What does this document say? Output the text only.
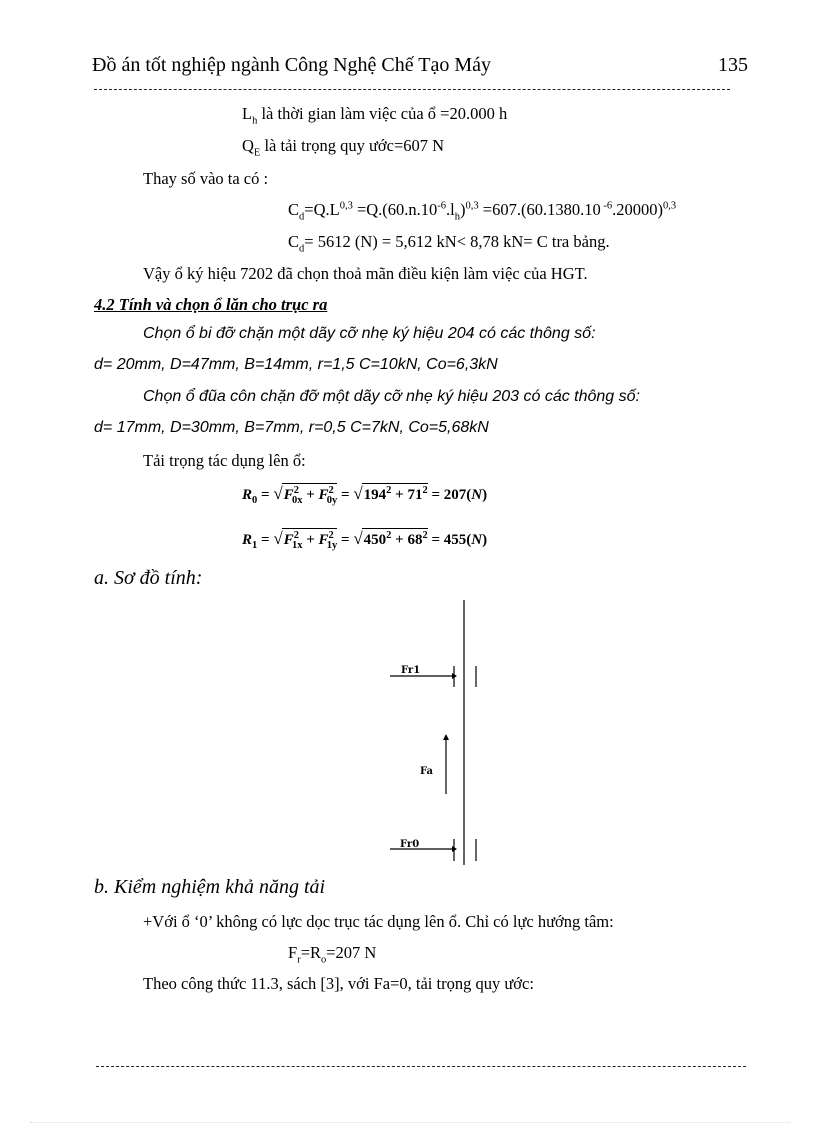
Đồ án tốt nghiệp ngành Công Nghệ Chế Tạo Máy	135
$L_h$ là thời gian làm việc của ổ =20.000 h
$Q_E$ là tải trọng quy ước=607 N
Thay số vào ta có :
$C_d=Q.L^{0,3} =Q.(60.n.10^{-6}.l_h)^{0,3} =607.(60.1380.10$ $^{-6}$.20000)$^{0,3}$
$C_d= 5612$ (N) = 5,612 kN< 8,78 kN= C tra bảng.
Vậy ổ ký hiệu 7202 đã chọn thoả mãn điều kiện làm việc của HGT.
4.2 Tính và chọn ổ lăn cho trục ra
Chọn ổ bi đỡ chặn một dãy cỡ nhẹ ký hiệu 204 có các thông số:
d= 20mm, D=47mm, B=14mm, r=1,5 C=10kN, Co=6,3kN
Chọn ổ đũa côn chặn đỡ một dãy cỡ nhẹ ký hiệu 203 có các thông số:
d= 17mm, D=30mm, B=7mm, r=0,5 C=7kN, Co=5,68kN
Tải trọng tác dụng lên ổ:
$R_0 = √F^2_{0x} + F^2_{0y} = √194^2 + 71^2 = 207(N)$
$R_1 = √F^2_{1x} + F^2_{1y} = √450^2 + 68^2 = 455(N)$
a. Sơ đồ tính:
Fr1
Fa
Fr0
b. Kiểm nghiệm khả năng tải
+Với ổ ‘0’ không có lực dọc trục tác dụng lên ổ. Chỉ có lực hướng tâm:
$F_r=R_o=207$ N
Theo công thức 11.3, sách [3], với Fa=0, tải trọng quy ước:
